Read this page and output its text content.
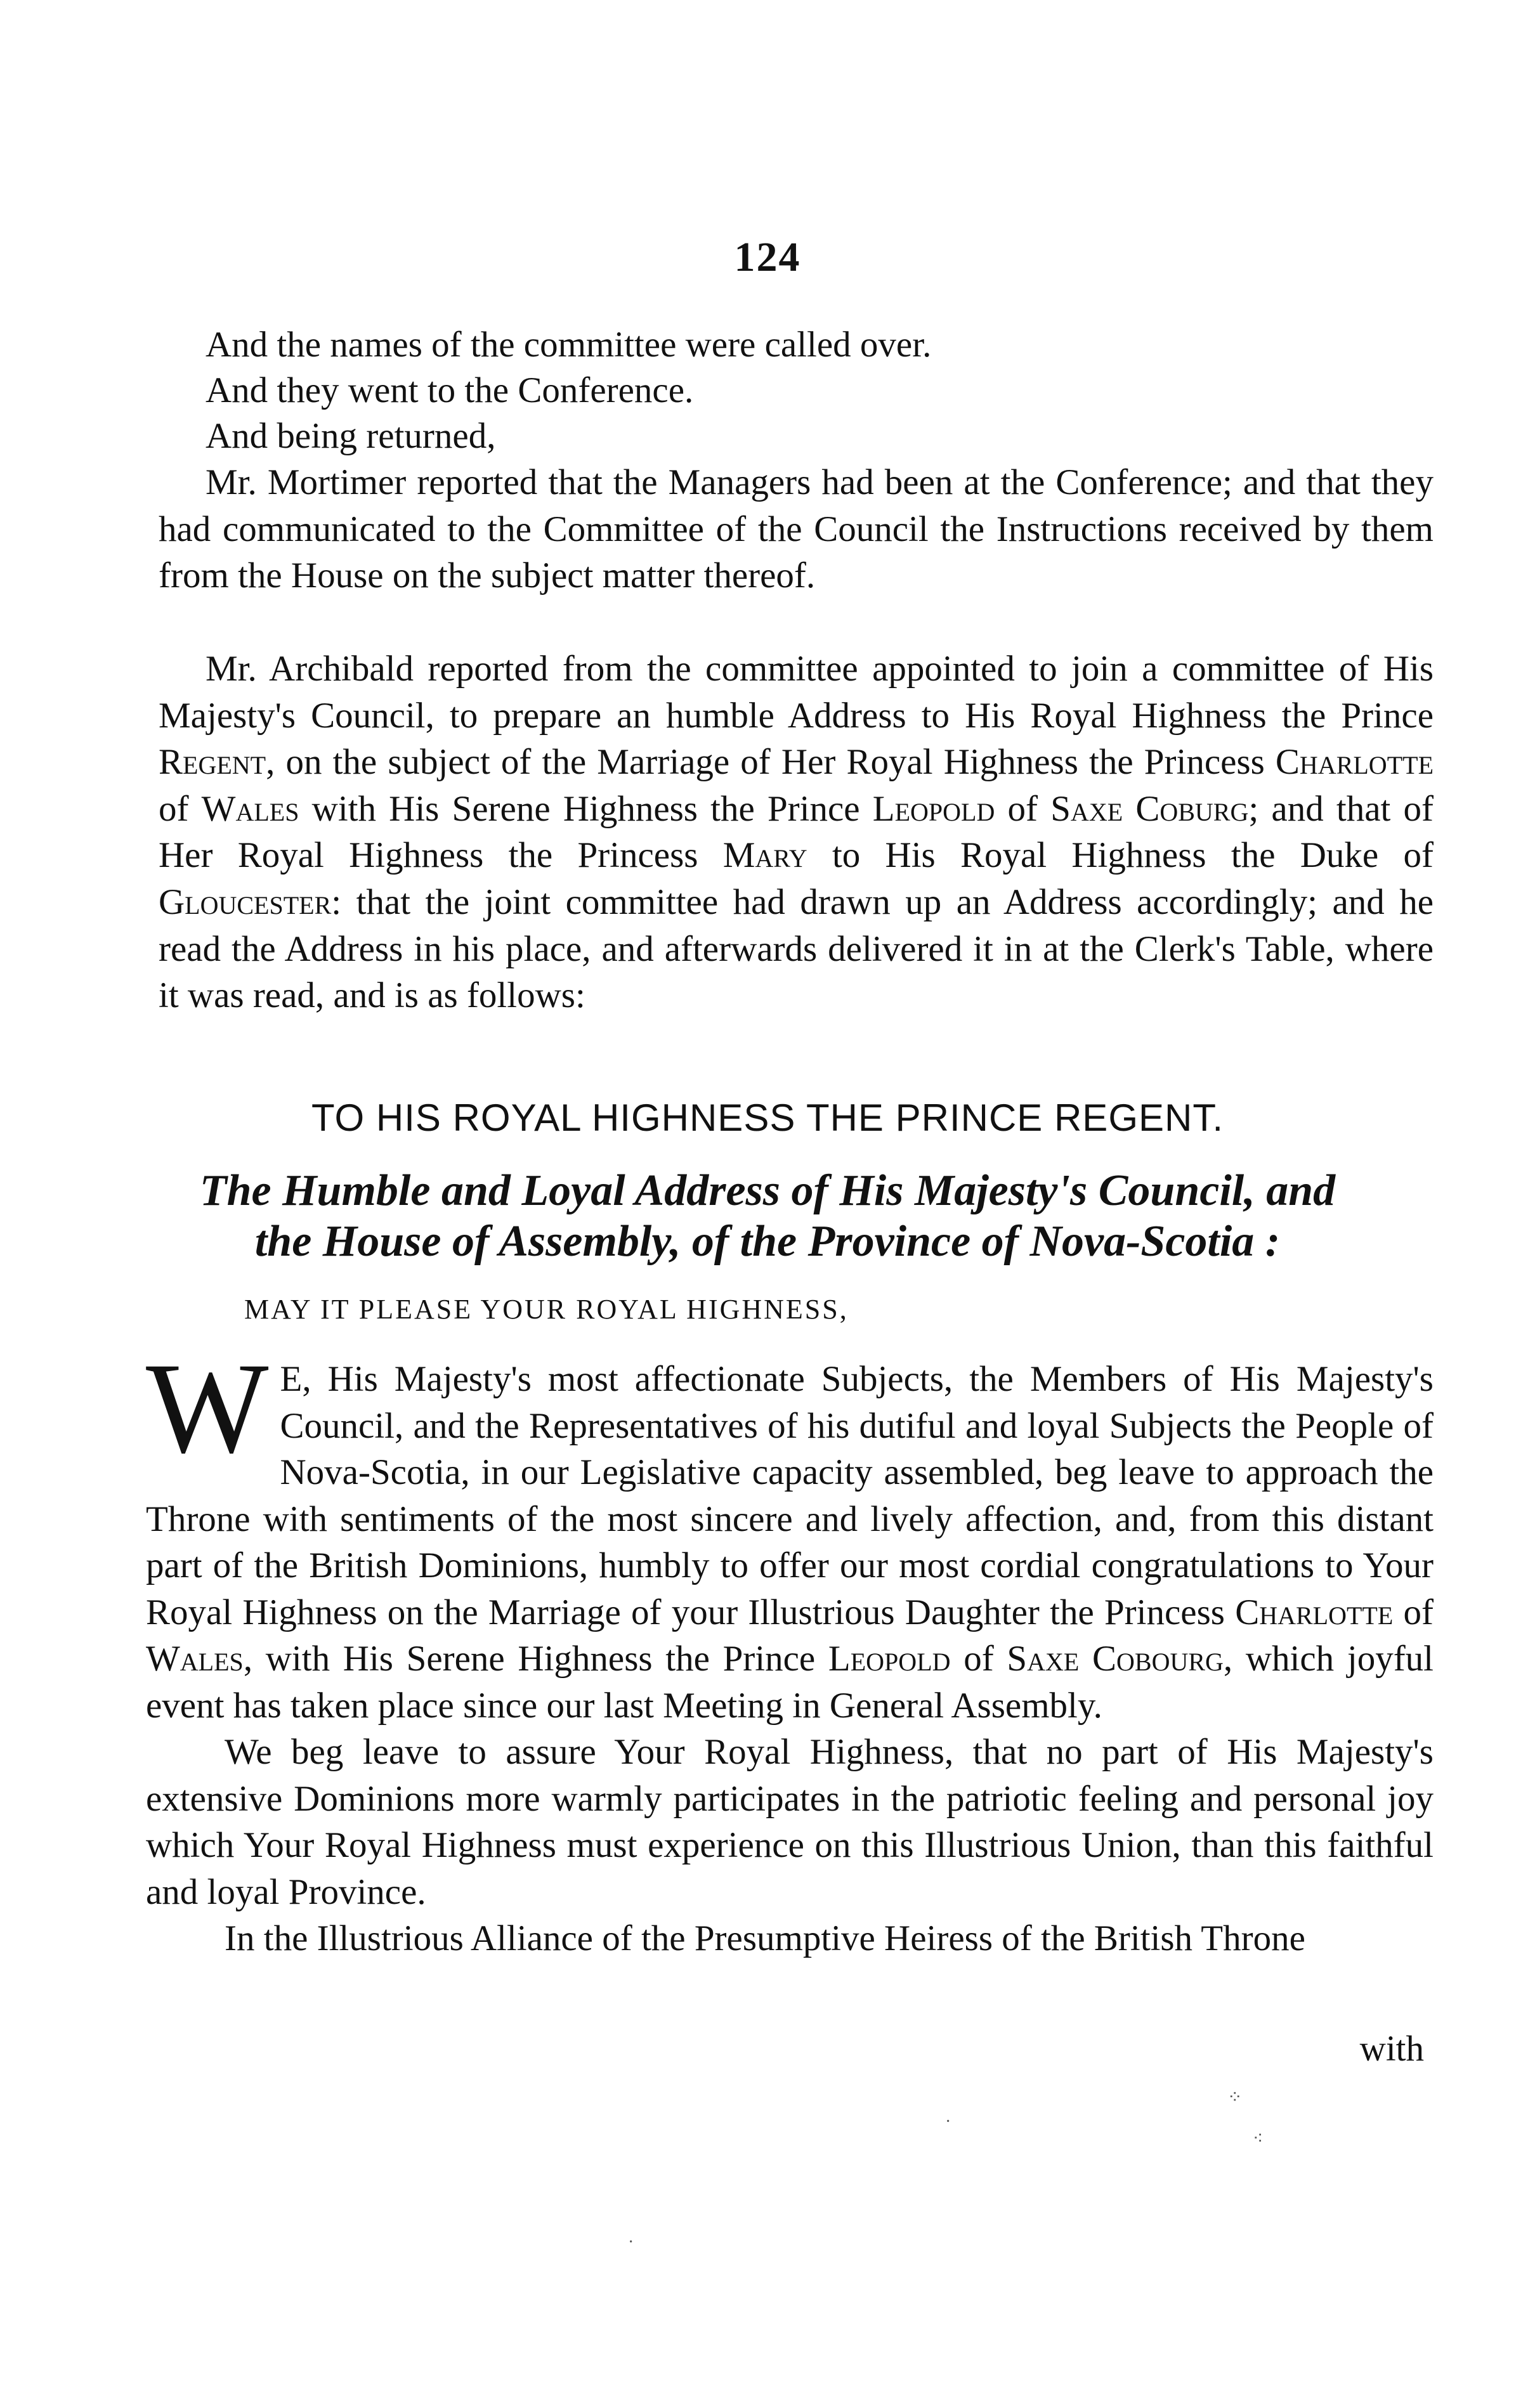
124
And the names of the committee were called over.
And they went to the Conference.
And being returned,

Mr. Mortimer reported that the Managers had been at the Conference; and that they had communicated to the Committee of the Council the Instructions received by them from the House on the subject matter thereof.

Mr. Archibald reported from the committee appointed to join a committee of His Majesty's Council, to prepare an humble Address to His Royal Highness the Prince Regent, on the subject of the Marriage of Her Royal Highness the Princess Charlotte of Wales with His Serene Highness the Prince Leopold of Saxe Coburg; and that of Her Royal Highness the Princess Mary to His Royal Highness the Duke of Gloucester: that the joint committee had drawn up an Address accordingly; and he read the Address in his place, and afterwards delivered it in at the Clerk's Table, where it was read, and is as follows:

TO HIS ROYAL HIGHNESS THE PRINCE REGENT.
The Humble and Loyal Address of His Majesty's Council, and
the House of Assembly, of the Province of Nova-Scotia :
MAY IT PLEASE YOUR ROYAL HIGHNESS,

W E, His Majesty's most affectionate Subjects, the Members of His Majesty's Council, and the Representatives of his dutiful and loyal Subjects the People of Nova-Scotia, in our Legislative capacity assembled, beg leave to approach the Throne with sentiments of the most sincere and lively affection, and, from this distant part of the British Dominions, humbly to offer our most cordial congratulations to Your Royal Highness on the Marriage of your Illustrious Daughter the Princess Charlotte of Wales, with His Serene Highness the Prince Leopold of Saxe Cobourg, which joyful event has taken place since our last Meeting in General Assembly.

We beg leave to assure Your Royal Highness, that no part of His Majesty's extensive Dominions more warmly participates in the patriotic feeling and personal joy which Your Royal Highness must experience on this Illustrious Union, than this faithful and loyal Province.

In the Illustrious Alliance of the Presumptive Heiress of the British Throne

with
⁘
⁖
·
·
